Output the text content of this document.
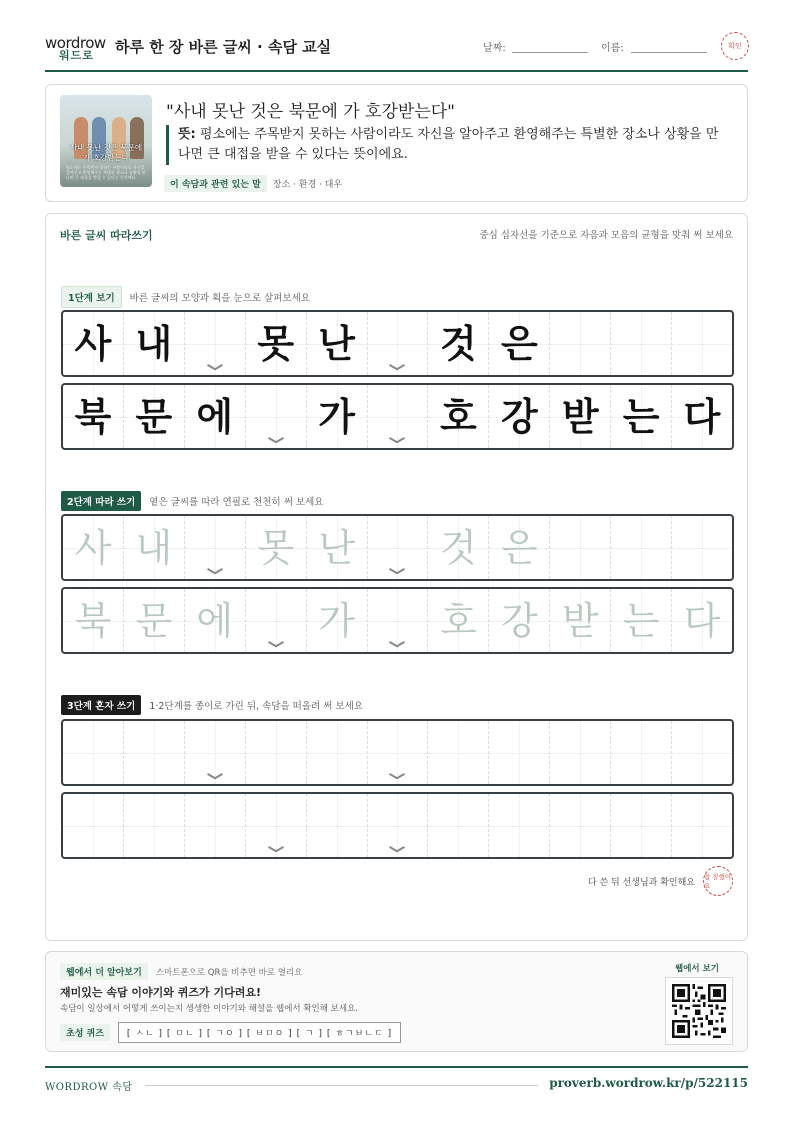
wordrow
워드로 하루 한 장 바른 글씨 · 속담 교실	날짜:	이름:	확인
사내 못난 것은 북문에 가 호강받는다
평소에는 주목받지 못하는 사람이라도 자신을 알아주고 환영해주는 특별한 장소나 상황을 만나면 큰 대접을 받을 수 있다는 뜻이에요.
"사내 못난 것은 북문에 가 호강받는다"
뜻: 평소에는 주목받지 못하는 사람이라도 자신을 알아주고 환영해주는 특별한 장소나 상황을 만나면 큰 대접을 받을 수 있다는 뜻이에요.
이 속담과 관련 있는 말	장소 · 환경 · 대우
바른 글씨 따라쓰기	중심 십자선을 기준으로 자음과 모음의 균형을 맞춰 써 보세요
1단계 보기	바른 글씨의 모양과 획을 눈으로 살펴보세요
사 내 못 난 것 은
북 문 에 가 호 강 받 는 다
2단계 따라 쓰기	옅은 글씨를 따라 연필로 천천히 써 보세요
사 내 못 난 것 은
북 문 에 가 호 강 받 는 다
3단계 혼자 쓰기	1·2단계를 종이로 가린 뒤, 속담을 떠올려 써 보세요
다 쓴 뒤 선생님과 확인해요
참 잘했어요
웹에서 더 알아보기	스마트폰으로 QR을 비추면 바로 열리요
재미있는 속담 이야기와 퀴즈가 기다려요!
속담이 일상에서 어떻게 쓰이는지 생생한 이야기와 해설을 웹에서 확인해 보세요.
초성 퀴즈	[ ㅅㄴ ] [ ㅁㄴ ] [ ㄱㅇ ] [ ㅂㅁㅇ ] [ ㄱ ] [ ㅎㄱㅂㄴㄷ ]
웹에서 보기
WORDROW 속담	proverb.wordrow.kr/p/522115
